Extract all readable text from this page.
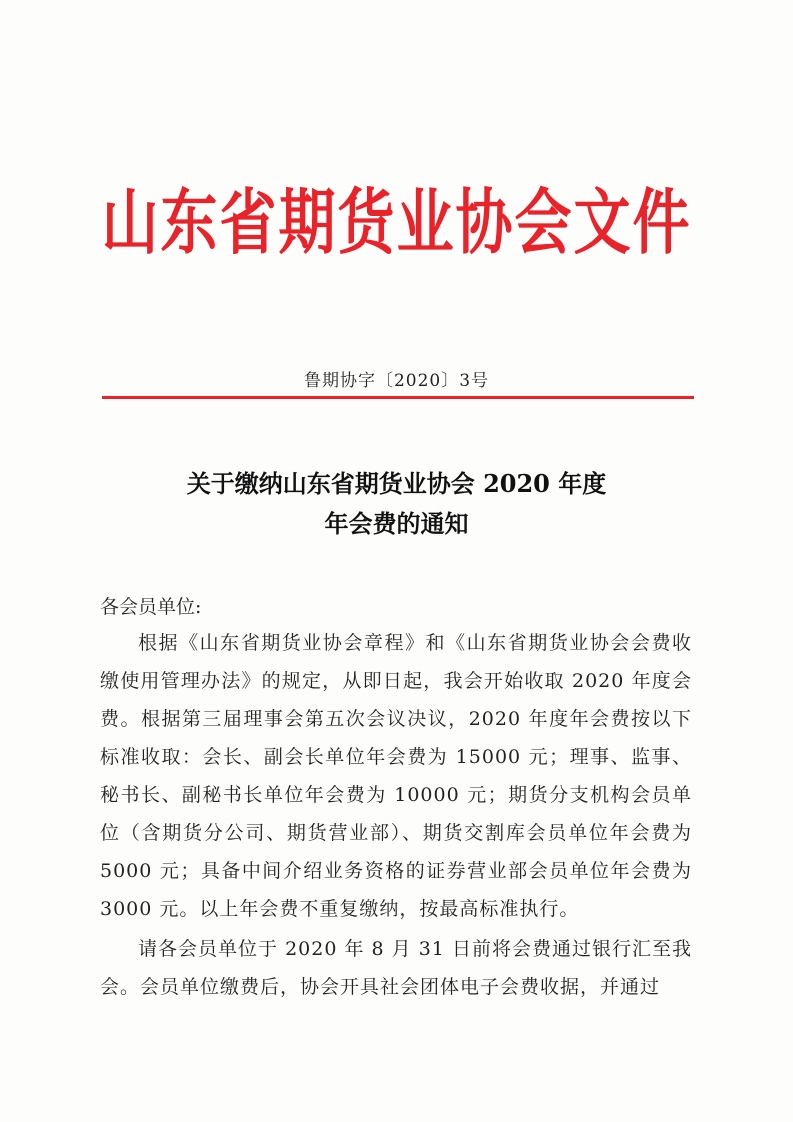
山东省期货业协会文件
鲁期协字〔2020〕3号
关于缴纳山东省期货业协会 2020 年度
年会费的通知
各会员单位:
根据《山东省期货业协会章程》和《山东省期货业协会会费收缴使用管理办法》的规定，从即日起，我会开始收取 2020 年度会费。根据第三届理事会第五次会议决议，2020 年度年会费按以下标准收取：会长、副会长单位年会费为 15000 元；理事、监事、秘书长、副秘书长单位年会费为 10000 元；期货分支机构会员单位（含期货分公司、期货营业部）、期货交割库会员单位年会费为 5000 元；具备中间介绍业务资格的证券营业部会员单位年会费为 3000 元。以上年会费不重复缴纳，按最高标准执行。
请各会员单位于 2020 年 8 月 31 日前将会费通过银行汇至我会。会员单位缴费后，协会开具社会团体电子会费收据，并通过
